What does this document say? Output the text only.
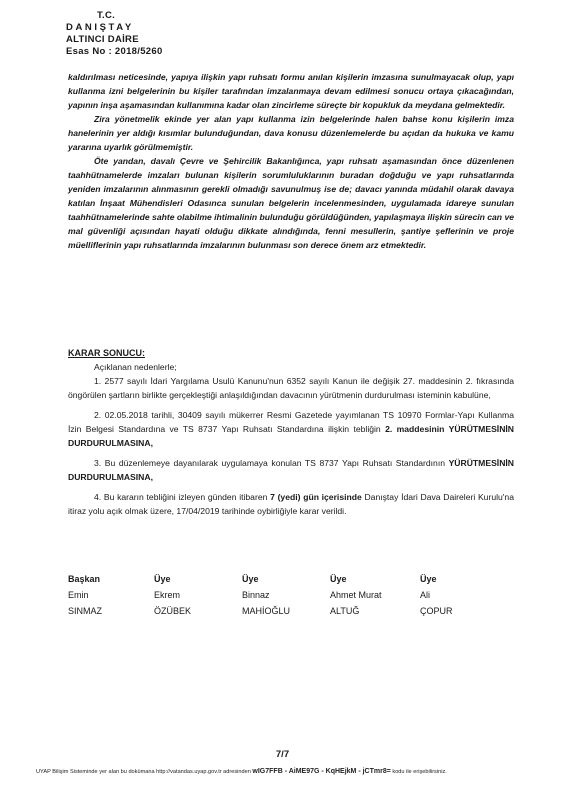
T.C.
DANIŞTAY
ALTINCI DAİRE
Esas No : 2018/5260

kaldırılması neticesinde, yapıya ilişkin yapı ruhsatı formu anılan kişilerin imzasına sunulmayacak olup, yapı kullanma izni belgelerinin bu kişiler tarafından imzalanmaya devam edilmesi sonucu ortaya çıkacağından, yapının inşa aşamasından kullanımına kadar olan zincirleme süreçte bir kopukluk da meydana gelmektedir.

Zira yönetmelik ekinde yer alan yapı kullanma izin belgelerinde halen bahse konu kişilerin imza hanelerinin yer aldığı kısımlar bulunduğundan, dava konusu düzenlemelerde bu açıdan da hukuka ve kamu yararına uyarlık görülmemiştir.

Öte yandan, davalı Çevre ve Şehircilik Bakanlığınca, yapı ruhsatı aşamasından önce düzenlenen taahhütnamelerde imzaları bulunan kişilerin sorumluluklarının buradan doğduğu ve yapı ruhsatlarında yeniden imzalarının alınmasının gerekli olmadığı savunulmuş ise de; davacı yanında müdahil olarak davaya katılan İnşaat Mühendisleri Odasınca sunulan belgelerin incelenmesinden, uygulamada idareye sunulan taahhütnamelerinde sahte olabilme ihtimalinin bulunduğu görüldüğünden, yapılaşmaya ilişkin sürecin can ve mal güvenliği açısından hayati olduğu dikkate alındığında, fenni mesullerin, şantiye şeflerinin ve proje müelliflerinin yapı ruhsatlarında imzalarının bulunması son derece önem arz etmektedir.

KARAR SONUCU:

Açıklanan nedenlerle;

1. 2577 sayılı İdari Yargılama Usulü Kanunu'nun 6352 sayılı Kanun ile değişik 27. maddesinin 2. fıkrasında öngörülen şartların birlikte gerçekleştiği anlaşıldığından davacının yürütmenin durdurulması isteminin kabulüne,

2. 02.05.2018 tarihli, 30409 sayılı mükerrer Resmi Gazetede yayımlanan TS 10970 Formlar-Yapı Kullanma İzin Belgesi Standardına ve TS 8737 Yapı Ruhsatı Standardına ilişkin tebliğin 2. maddesinin YÜRÜTMESİNİN DURDURULMASINA,

3. Bu düzenlemeye dayanılarak uygulamaya konulan TS 8737 Yapı Ruhsatı Standardının YÜRÜTMESİNİN DURDURULMASINA,

4. Bu kararın tebliğini izleyen günden itibaren 7 (yedi) gün içerisinde Danıştay İdari Dava Daireleri Kurulu'na itiraz yolu açık olmak üzere, 17/04/2019 tarihinde oybirliğiyle karar verildi.

Başkan
Emin
SINMAZ
Üye
Ekrem
ÖZÜBEK
Üye
Binnaz
MAHİOĞLU
Üye
Ahmet Murat
ALTUĞ
Üye
Ali
ÇOPUR
7/7
UYAP Bilişim Sisteminde yer alan bu dokümana http://vatandas.uyap.gov.tr adresinden wIG7FFB - AiME97G - KqHEjkM - jCTmr8= kodu ile erişebilirsiniz.
